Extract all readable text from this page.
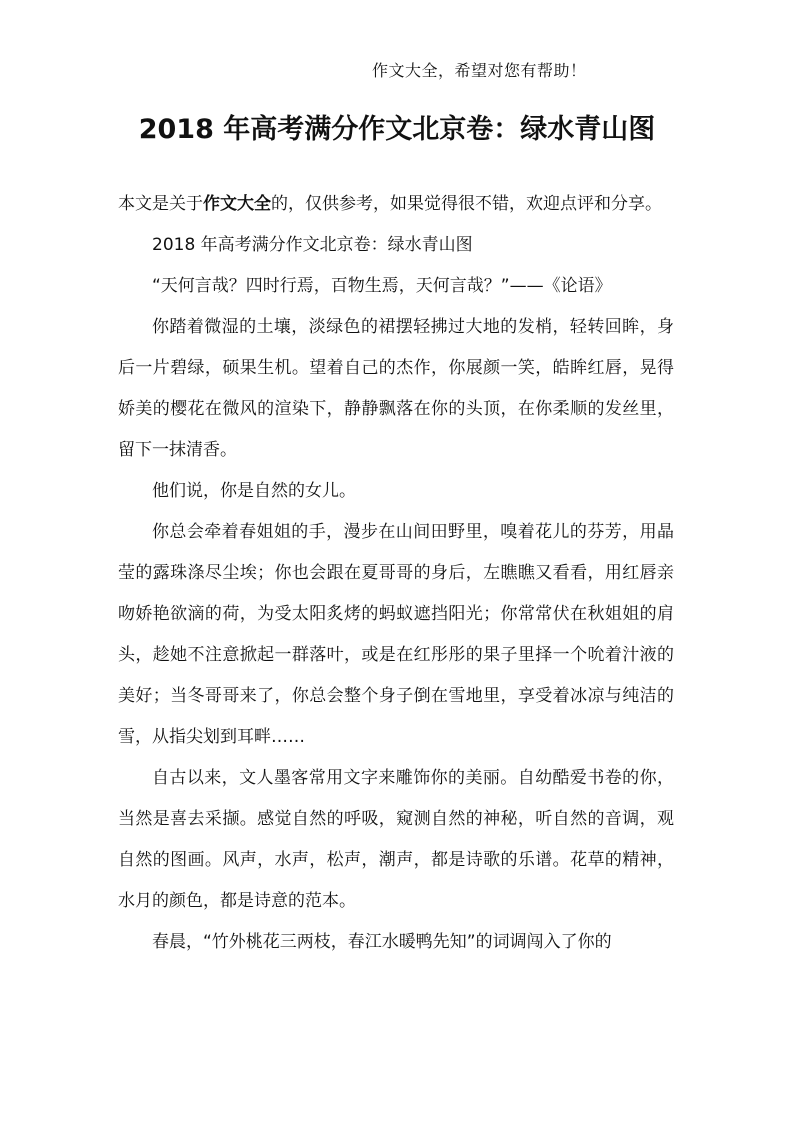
作文大全，希望对您有帮助！
2018 年高考满分作文北京卷：绿水青山图

本文是关于作文大全的，仅供参考，如果觉得很不错，欢迎点评和分享。

2018 年高考满分作文北京卷：绿水青山图

“天何言哉？四时行焉，百物生焉，天何言哉？”——《论语》

你踏着微湿的土壤，淡绿色的裙摆轻拂过大地的发梢，轻转回眸，身后一片碧绿，硕果生机。望着自己的杰作，你展颜一笑，皓眸红唇，晃得娇美的樱花在微风的渲染下，静静飘落在你的头顶，在你柔顺的发丝里，留下一抹清香。

他们说，你是自然的女儿。

你总会牵着春姐姐的手，漫步在山间田野里，嗅着花儿的芬芳，用晶莹的露珠涤尽尘埃；你也会跟在夏哥哥的身后，左瞧瞧又看看，用红唇亲吻娇艳欲滴的荷，为受太阳炙烤的蚂蚁遮挡阳光；你常常伏在秋姐姐的肩头，趁她不注意掀起一群落叶，或是在红彤彤的果子里择一个吮着汁液的美好；当冬哥哥来了，你总会整个身子倒在雪地里，享受着冰凉与纯洁的雪，从指尖划到耳畔……

自古以来，文人墨客常用文字来雕饰你的美丽。自幼酷爱书卷的你，当然是喜去采撷。感觉自然的呼吸，窥测自然的神秘，听自然的音调，观自然的图画。风声，水声，松声，潮声，都是诗歌的乐谱。花草的精神，水月的颜色，都是诗意的范本。

春晨，“竹外桃花三两枝，春江水暖鸭先知”的词调闯入了你的
